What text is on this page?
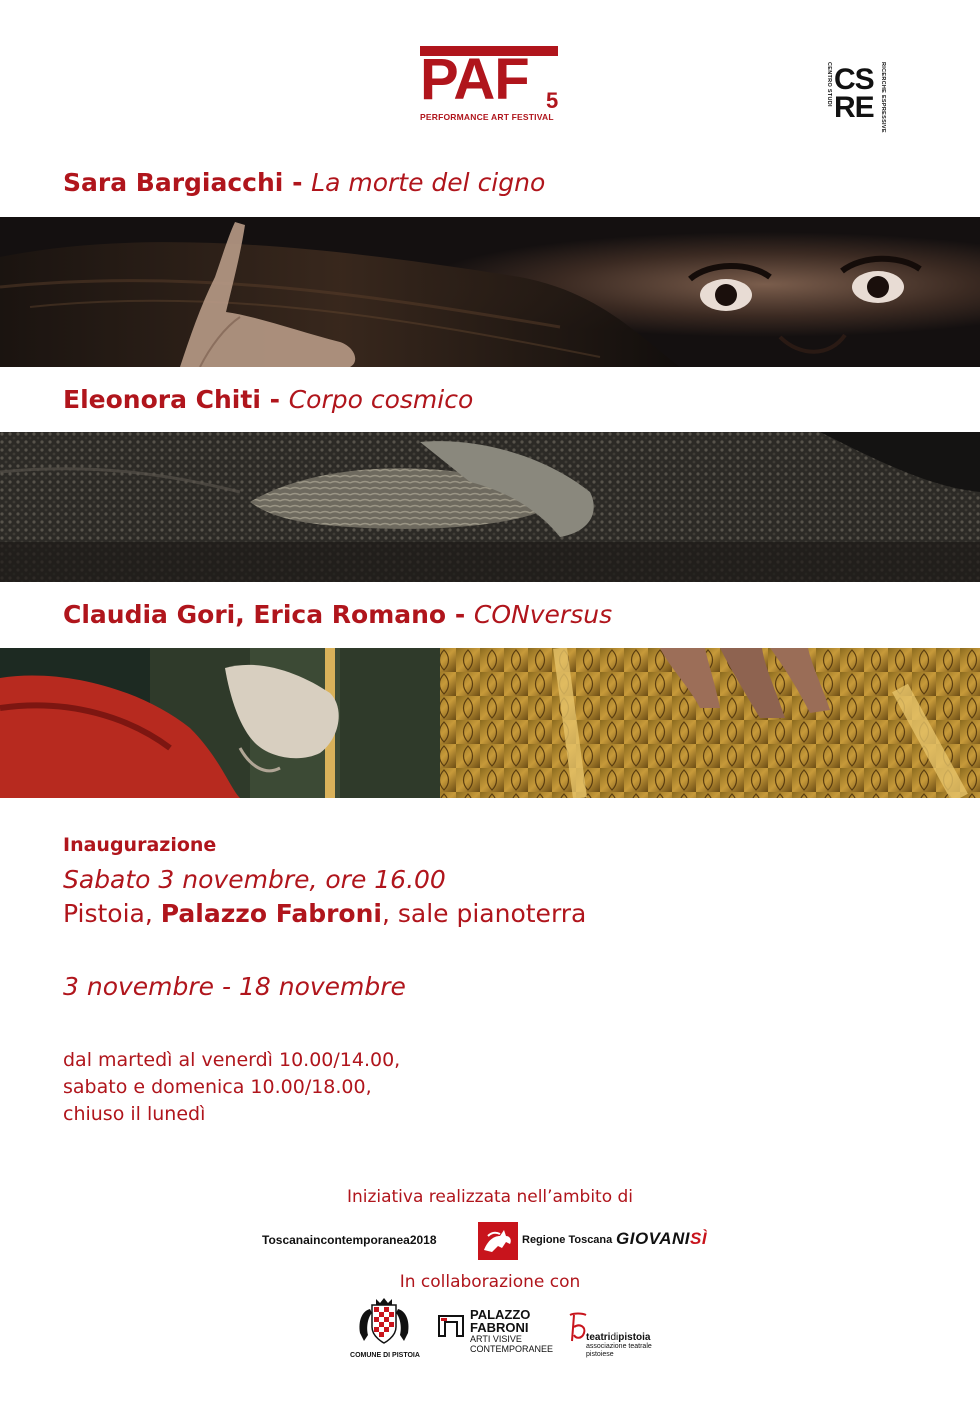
PAF 5
PERFORMANCE ART FESTIVAL
CENTRO STUDI	RICERCHE ESPRESSIVE
CS
RE
Sara Bargiacchi - La morte del cigno
Eleonora Chiti - Corpo cosmico
Claudia Gori, Erica Romano - CONversus
Inaugurazione
Sabato 3 novembre, ore 16.00
Pistoia, Palazzo Fabroni, sale pianoterra
3 novembre - 18 novembre
dal martedì al venerdì 10.00/14.00,
sabato e domenica 10.00/18.00,
chiuso il lunedì
Iniziativa realizzata nell’ambito di
Toscanaincontemporanea2018	Regione Toscana GIOVANISÌ
In collaborazione con
COMUNE DI PISTOIA
PALAZZO
FABRONI
ARTI VISIVE
CONTEMPORANEE
teatridipistoia
associazione teatrale
pistoiese
